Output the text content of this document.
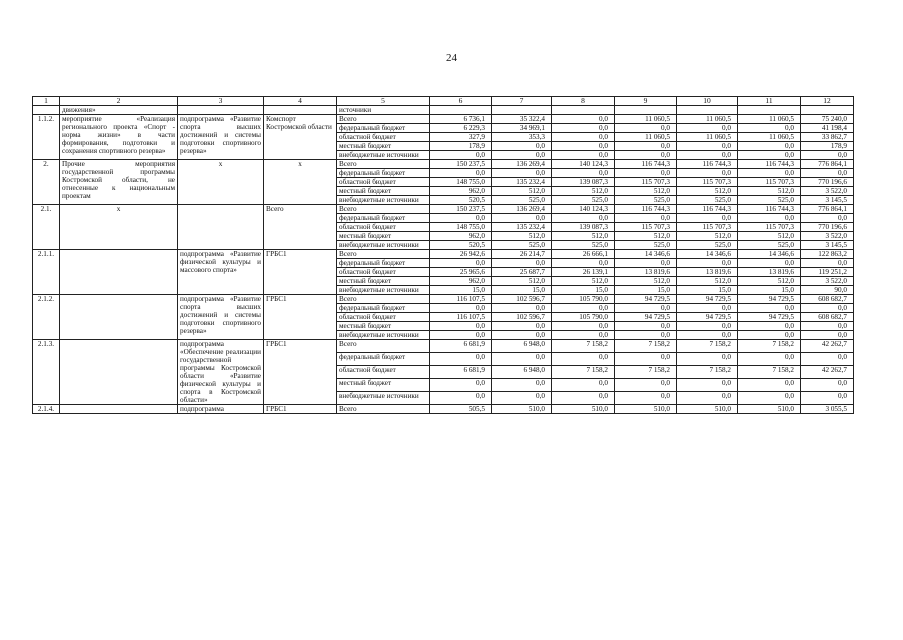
24
1	2	3	4	5	6	7	8	9	10	11	12
	движения»			источники							
1.1.2.	мероприятие «Реализация регионального проекта «Спорт - норма жизни» в части формирования, подготовки и сохранения спортивного резерва»	подпрограмма «Развитие спорта высших достижений и системы подготовки спортивного резерва»	Комспорт Костромской области	Всего	6 736,1	35 322,4	0,0	11 060,5	11 060,5	11 060,5	75 240,0
				федеральный бюджет	6 229,3	34 969,1	0,0	0,0	0,0	0,0	41 198,4
				областной бюджет	327,9	353,3	0,0	11 060,5	11 060,5	11 060,5	33 862,7
				местный бюджет	178,9	0,0	0,0	0,0	0,0	0,0	178,9
				внебюджетные источники	0,0	0,0	0,0	0,0	0,0	0,0	0,0
2.	Прочие мероприятия государственной программы Костромской области, не отнесенные к национальным проектам	х	х	Всего	150 237,5	136 269,4	140 124,3	116 744,3	116 744,3	116 744,3	776 864,1
				федеральный бюджет	0,0	0,0	0,0	0,0	0,0	0,0	0,0
				областной бюджет	148 755,0	135 232,4	139 087,3	115 707,3	115 707,3	115 707,3	770 196,6
				местный бюджет	962,0	512,0	512,0	512,0	512,0	512,0	3 522,0
				внебюджетные источники	520,5	525,0	525,0	525,0	525,0	525,0	3 145,5
2.1.	х		Всего	Всего	150 237,5	136 269,4	140 124,3	116 744,3	116 744,3	116 744,3	776 864,1
				федеральный бюджет	0,0	0,0	0,0	0,0	0,0	0,0	0,0
				областной бюджет	148 755,0	135 232,4	139 087,3	115 707,3	115 707,3	115 707,3	770 196,6
				местный бюджет	962,0	512,0	512,0	512,0	512,0	512,0	3 522,0
				внебюджетные источники	520,5	525,0	525,0	525,0	525,0	525,0	3 145,5
2.1.1.		подпрограмма «Развитие физической культуры и массового спорта»	ГРБС1	Всего	26 942,6	26 214,7	26 666,1	14 346,6	14 346,6	14 346,6	122 863,2
				федеральный бюджет	0,0	0,0	0,0	0,0	0,0	0,0	0,0
				областной бюджет	25 965,6	25 687,7	26 139,1	13 819,6	13 819,6	13 819,6	119 251,2
				местный бюджет	962,0	512,0	512,0	512,0	512,0	512,0	3 522,0
				внебюджетные источники	15,0	15,0	15,0	15,0	15,0	15,0	90,0
2.1.2.		подпрограмма «Развитие спорта высших достижений и системы подготовки спортивного резерва»	ГРБС1	Всего	116 107,5	102 596,7	105 790,0	94 729,5	94 729,5	94 729,5	608 682,7
				федеральный бюджет	0,0	0,0	0,0	0,0	0,0	0,0	0,0
				областной бюджет	116 107,5	102 596,7	105 790,0	94 729,5	94 729,5	94 729,5	608 682,7
				местный бюджет	0,0	0,0	0,0	0,0	0,0	0,0	0,0
				внебюджетные источники	0,0	0,0	0,0	0,0	0,0	0,0	0,0
2.1.3.		подпрограмма «Обеспечение реализации государственной программы Костромской области «Развитие физической культуры и спорта в Костромской области»	ГРБС1	Всего	6 681,9	6 948,0	7 158,2	7 158,2	7 158,2	7 158,2	42 262,7
				федеральный бюджет	0,0	0,0	0,0	0,0	0,0	0,0	0,0
				областной бюджет	6 681,9	6 948,0	7 158,2	7 158,2	7 158,2	7 158,2	42 262,7
				местный бюджет	0,0	0,0	0,0	0,0	0,0	0,0	0,0
				внебюджетные источники	0,0	0,0	0,0	0,0	0,0	0,0	0,0
2.1.4.		подпрограмма	ГРБС1	Всего	505,5	510,0	510,0	510,0	510,0	510,0	3 055,5
